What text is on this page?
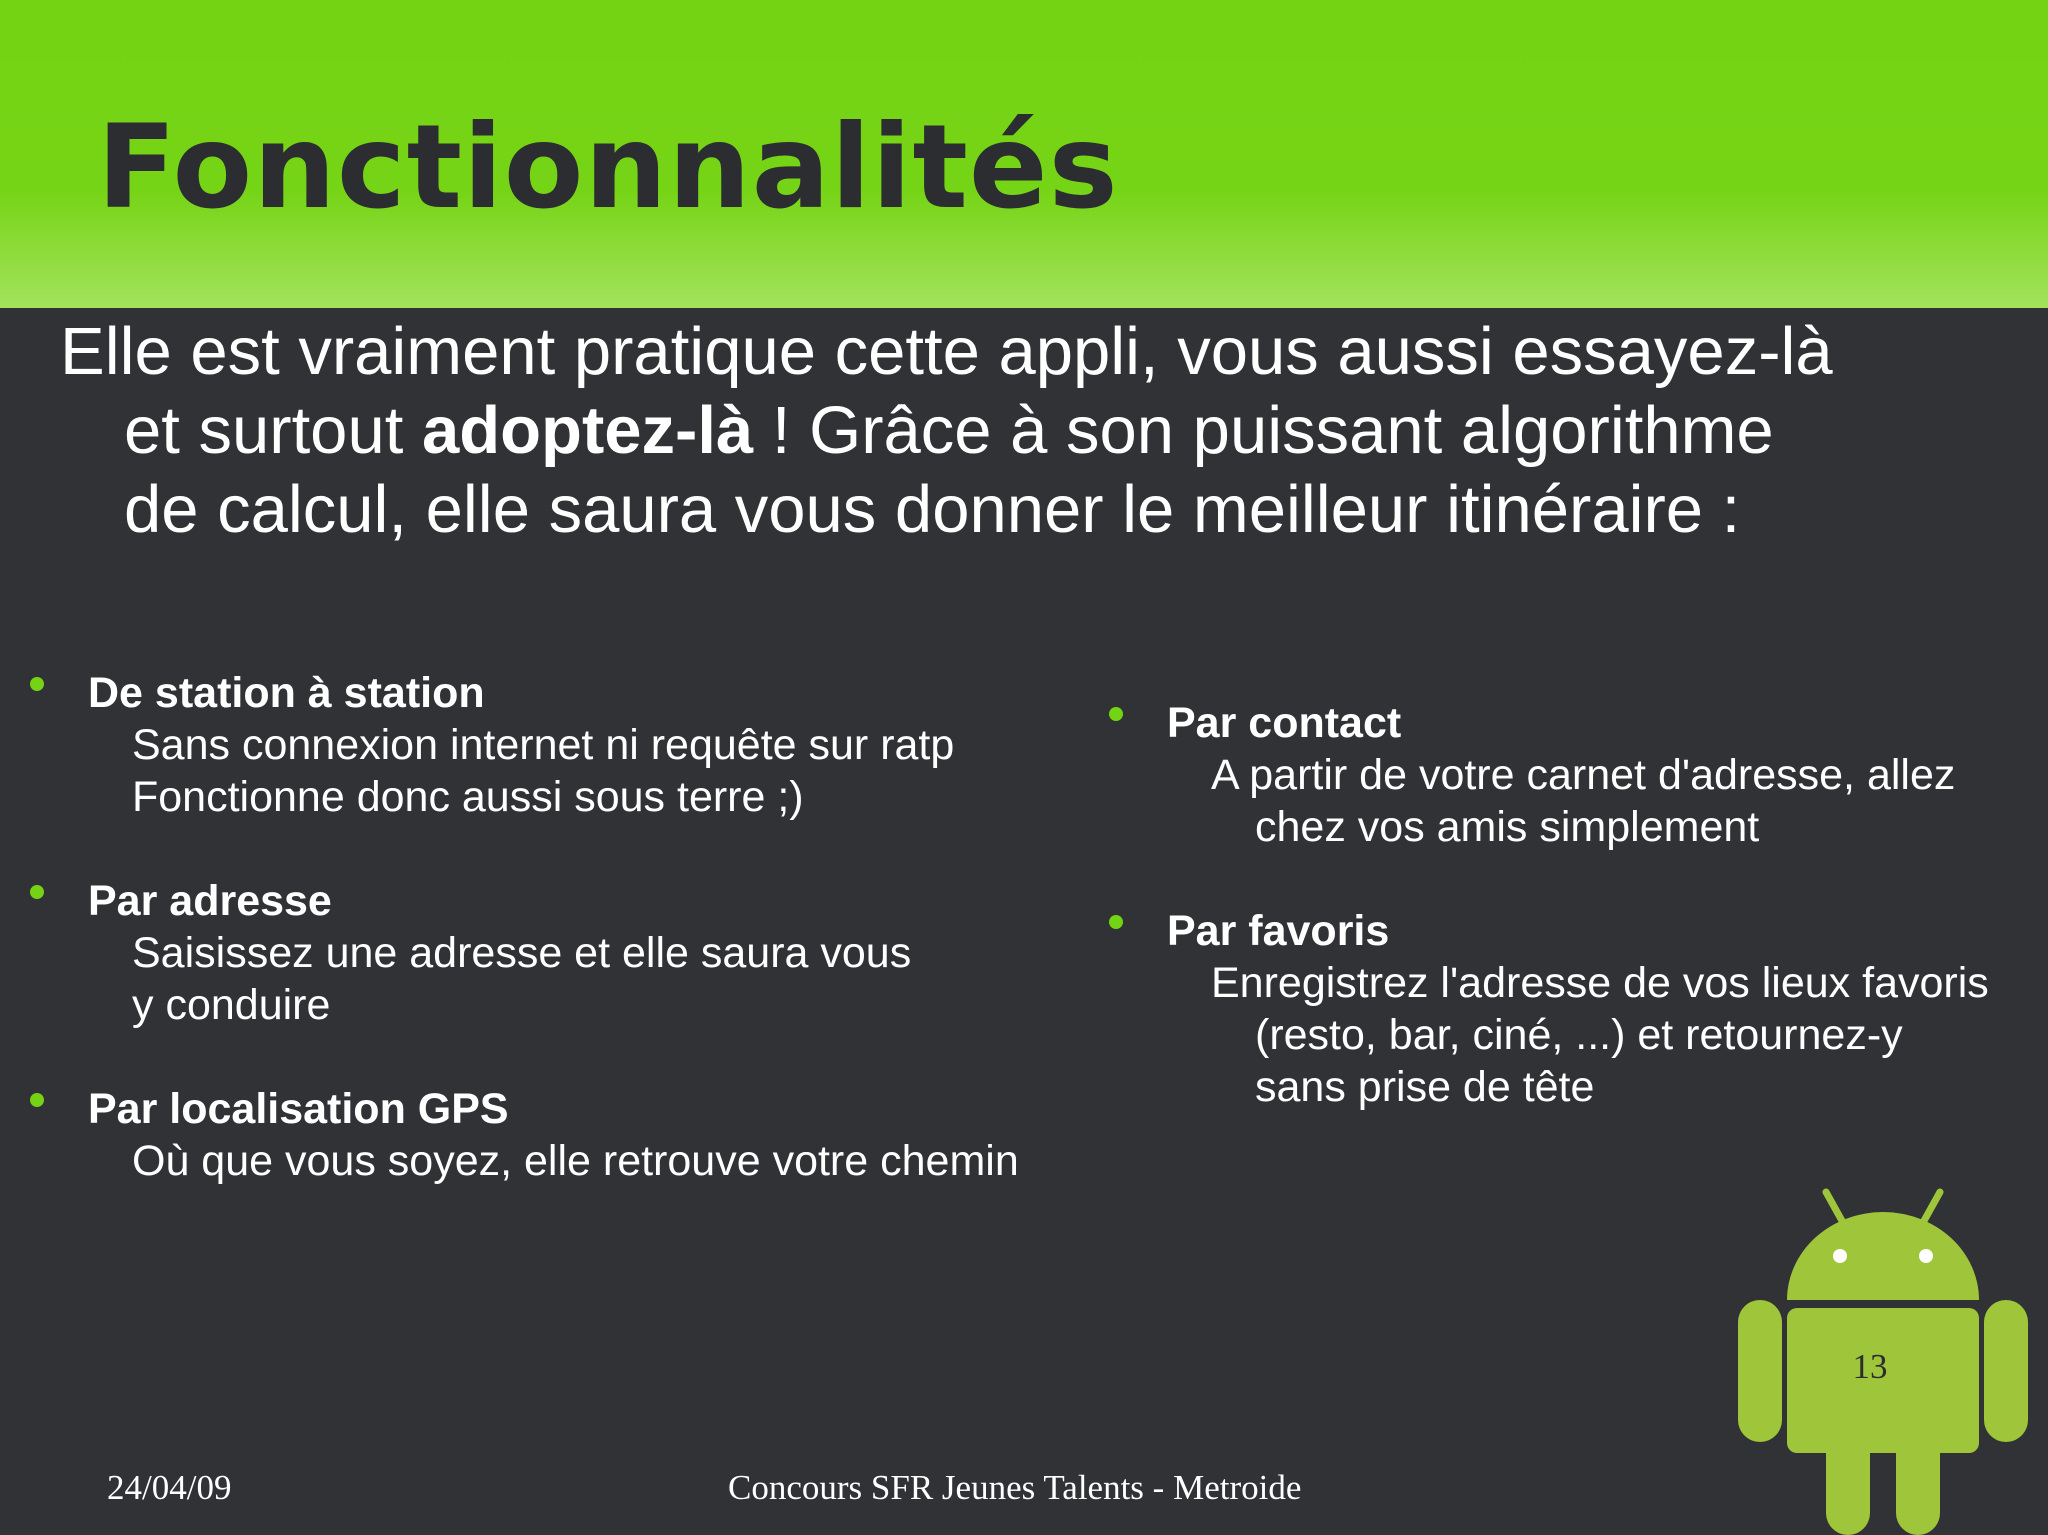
Fonctionnalités
Elle est vraiment pratique cette appli, vous aussi essayez-là
et surtout adoptez-là ! Grâce à son puissant algorithme
de calcul, elle saura vous donner le meilleur itinéraire :
De station à station
Sans connexion internet ni requête sur ratp
Fonctionne donc aussi sous terre ;)
Par adresse
Saisissez une adresse et elle saura vous
y conduire
Par localisation GPS
Où que vous soyez, elle retrouve votre chemin
Par contact
A partir de votre carnet d'adresse, allez
chez vos amis simplement
Par favoris
Enregistrez l'adresse de vos lieux favoris
(resto, bar, ciné, ...) et retournez-y
sans prise de tête
13
24/04/09	Concours SFR Jeunes Talents - Metroide
